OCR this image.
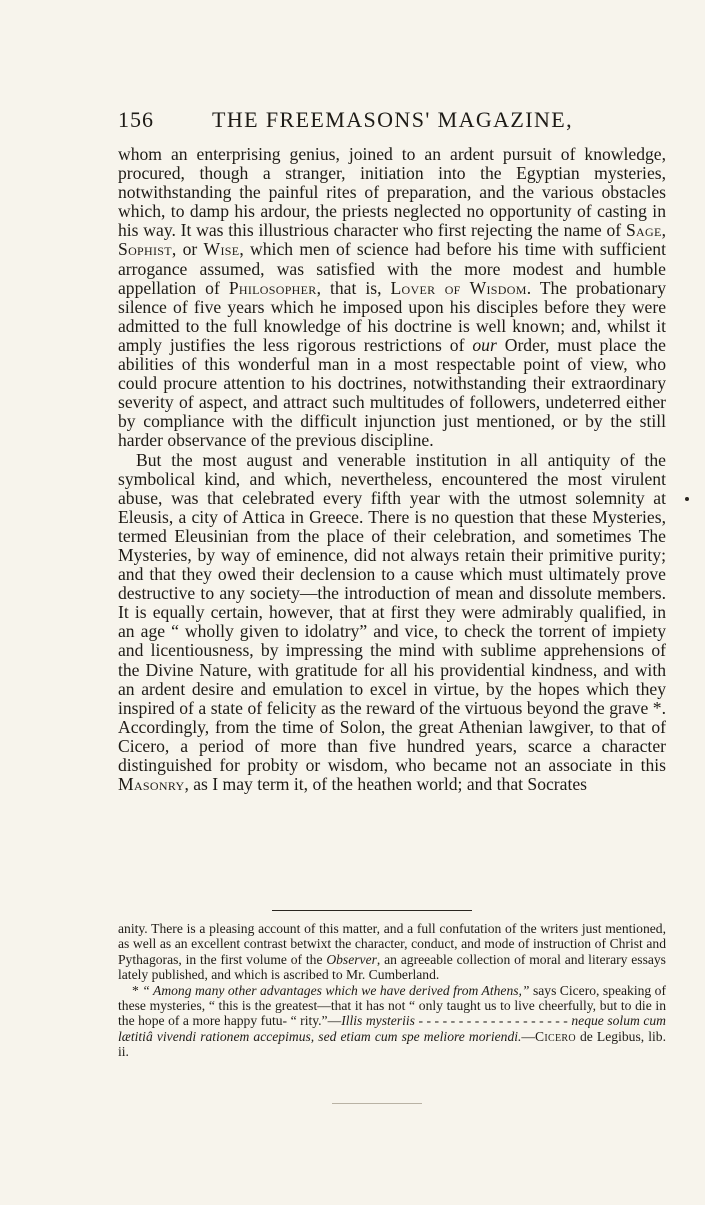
156	THE FREEMASONS' MAGAZINE,

whom an enterprising genius, joined to an ardent pursuit of knowledge, procured, though a stranger, initiation into the Egyptian mysteries, notwithstanding the painful rites of preparation, and the various obstacles which, to damp his ardour, the priests neglected no opportunity of casting in his way. It was this illustrious character who first rejecting the name of Sage, Sophist, or Wise, which men of science had before his time with sufficient arrogance assumed, was satisfied with the more modest and humble appellation of Philosopher, that is, Lover of Wisdom. The probationary silence of five years which he imposed upon his disciples before they were admitted to the full knowledge of his doctrine is well known; and, whilst it amply justifies the less rigorous restrictions of our Order, must place the abilities of this wonderful man in a most respectable point of view, who could procure attention to his doctrines, notwithstanding their extraordinary severity of aspect, and attract such multitudes of followers, undeterred either by compliance with the difficult injunction just mentioned, or by the still harder observance of the previous discipline.

But the most august and venerable institution in all antiquity of the symbolical kind, and which, nevertheless, encountered the most virulent abuse, was that celebrated every fifth year with the utmost solemnity at Eleusis, a city of Attica in Greece. There is no question that these Mysteries, termed Eleusinian from the place of their celebration, and sometimes The Mysteries, by way of eminence, did not always retain their primitive purity; and that they owed their declension to a cause which must ultimately prove destructive to any society—the introduction of mean and dissolute members. It is equally certain, however, that at first they were admirably qualified, in an age “ wholly given to idolatry” and vice, to check the torrent of impiety and licentiousness, by impressing the mind with sublime apprehensions of the Divine Nature, with gratitude for all his providential kindness, and with an ardent desire and emulation to excel in virtue, by the hopes which they inspired of a state of felicity as the reward of the virtuous beyond the grave *. Accordingly, from the time of Solon, the great Athenian lawgiver, to that of Cicero, a period of more than five hundred years, scarce a character distinguished for probity or wisdom, who became not an associate in this Masonry, as I may term it, of the heathen world; and that Socrates

anity. There is a pleasing account of this matter, and a full confutation of the writers just mentioned, as well as an excellent contrast betwixt the character, conduct, and mode of instruction of Christ and Pythagoras, in the first volume of the Observer, an agreeable collection of moral and literary essays lately published, and which is ascribed to Mr. Cumberland.

* “ Among many other advantages which we have derived from Athens,” says Cicero, speaking of these mysteries, “ this is the greatest—that it has not “ only taught us to live cheerfully, but to die in the hope of a more happy futu- “ rity.”—Illis mysteriis - - - - - - - - - - - - - - - - - - - neque solum cum lætitiâ vivendi rationem accepimus, sed etiam cum spe meliore moriendi.—Cicero de Legibus, lib. ii.
